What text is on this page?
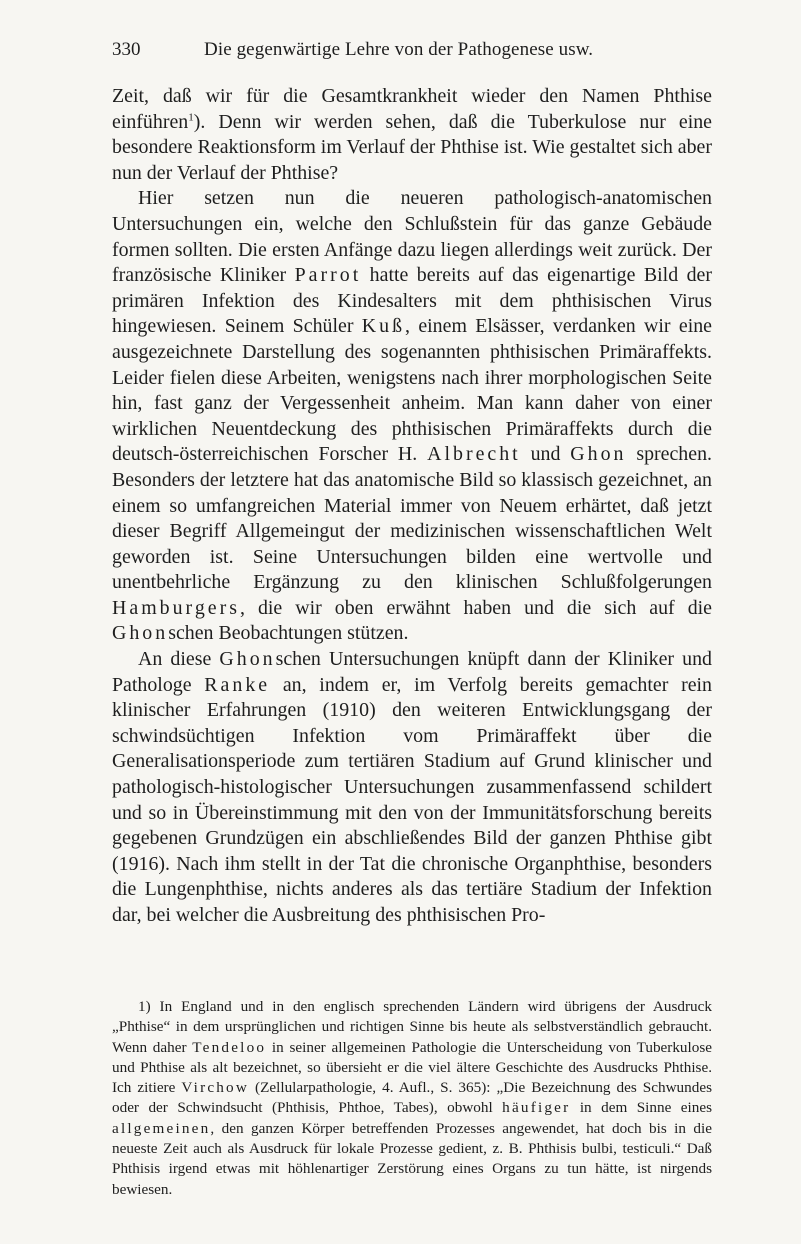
330	Die gegenwärtige Lehre von der Pathogenese usw.

Zeit, daß wir für die Gesamtkrankheit wieder den Namen Phthise einführen$^1$). Denn wir werden sehen, daß die Tuberkulose nur eine besondere Reaktionsform im Verlauf der Phthise ist. Wie gestaltet sich aber nun der Verlauf der Phthise?

Hier setzen nun die neueren pathologisch-anatomischen Untersuchungen ein, welche den Schlußstein für das ganze Gebäude formen sollten. Die ersten Anfänge dazu liegen allerdings weit zurück. Der französische Kliniker Parrot hatte bereits auf das eigenartige Bild der primären Infektion des Kindesalters mit dem phthisischen Virus hingewiesen. Seinem Schüler Kuß, einem Elsässer, verdanken wir eine ausgezeichnete Darstellung des sogenannten phthisischen Primäraffekts. Leider fielen diese Arbeiten, wenigstens nach ihrer morphologischen Seite hin, fast ganz der Vergessenheit anheim. Man kann daher von einer wirklichen Neuentdeckung des phthisischen Primäraffekts durch die deutsch-österreichischen Forscher H. Albrecht und Ghon sprechen. Besonders der letztere hat das anatomische Bild so klassisch gezeichnet, an einem so umfangreichen Material immer von Neuem erhärtet, daß jetzt dieser Begriff Allgemeingut der medizinischen wissenschaftlichen Welt geworden ist. Seine Untersuchungen bilden eine wertvolle und unentbehrliche Ergänzung zu den klinischen Schlußfolgerungen Hamburgers, die wir oben erwähnt haben und die sich auf die Ghonschen Beobachtungen stützen.

An diese Ghonschen Untersuchungen knüpft dann der Kliniker und Pathologe Ranke an, indem er, im Verfolg bereits gemachter rein klinischer Erfahrungen (1910) den weiteren Entwicklungsgang der schwindsüchtigen Infektion vom Primäraffekt über die Generalisationsperiode zum tertiären Stadium auf Grund klinischer und pathologisch-histologischer Untersuchungen zusammenfassend schildert und so in Übereinstimmung mit den von der Immunitätsforschung bereits gegebenen Grundzügen ein abschließendes Bild der ganzen Phthise gibt (1916). Nach ihm stellt in der Tat die chronische Organphthise, besonders die Lungenphthise, nichts anderes als das tertiäre Stadium der Infektion dar, bei welcher die Ausbreitung des phthisischen Pro-

1) In England und in den englisch sprechenden Ländern wird übrigens der Ausdruck „Phthise“ in dem ursprünglichen und richtigen Sinne bis heute als selbstverständlich gebraucht. Wenn daher Tendeloo in seiner allgemeinen Pathologie die Unterscheidung von Tuberkulose und Phthise als alt bezeichnet, so übersieht er die viel ältere Geschichte des Ausdrucks Phthise. Ich zitiere Virchow (Zellularpathologie, 4. Aufl., S. 365): „Die Bezeichnung des Schwundes oder der Schwindsucht (Phthisis, Phthoe, Tabes), obwohl häufiger in dem Sinne eines allgemeinen, den ganzen Körper betreffenden Prozesses angewendet, hat doch bis in die neueste Zeit auch als Ausdruck für lokale Prozesse gedient, z. B. Phthisis bulbi, testiculi.“ Daß Phthisis irgend etwas mit höhlenartiger Zerstörung eines Organs zu tun hätte, ist nirgends bewiesen.
